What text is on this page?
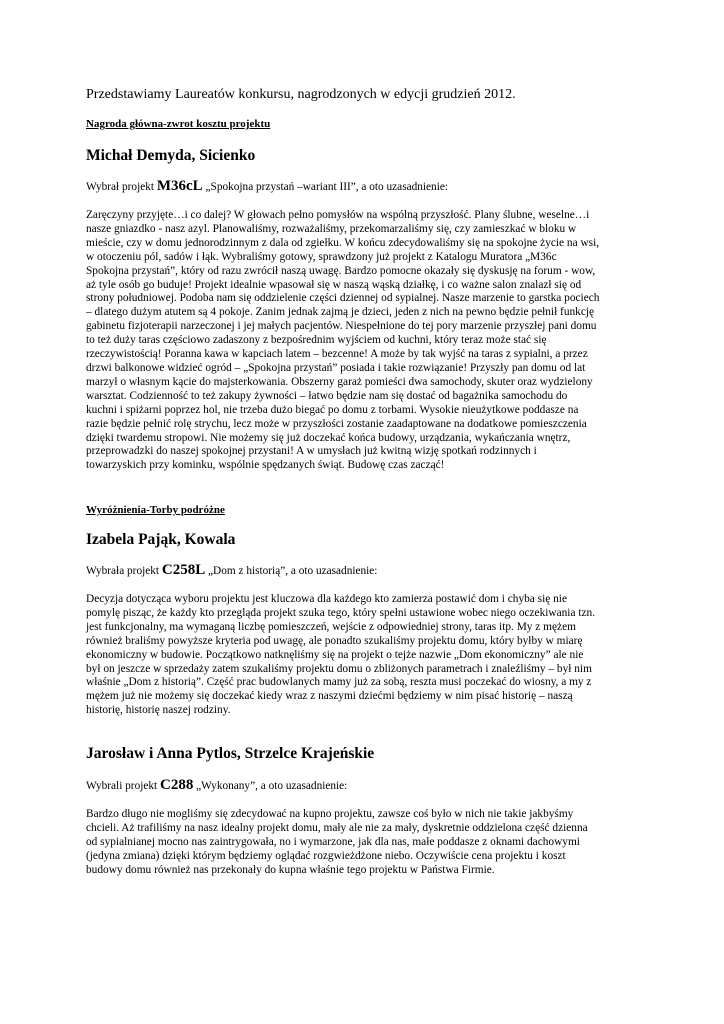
Przedstawiamy Laureatów konkursu, nagrodzonych w edycji grudzień 2012.
Nagroda główna-zwrot kosztu projektu
Michał Demyda, Sicienko
Wybrał projekt M36cL „Spokojna przystań –wariant III”, a oto uzasadnienie:
Zaręczyny przyjęte…i co dalej? W głowach pełno pomysłów na wspólną przyszłość. Plany ślubne, weselne…i
nasze gniazdko - nasz azyl. Planowaliśmy, rozważaliśmy, przekomarzaliśmy się, czy zamieszkać w bloku w
mieście, czy w domu jednorodzinnym z dala od zgiełku. W końcu zdecydowaliśmy się na spokojne życie na wsi,
w otoczeniu pól, sadów i łąk. Wybraliśmy gotowy, sprawdzony już projekt z Katalogu Muratora „M36c
Spokojna przystań”, który od razu zwrócił naszą uwagę. Bardzo pomocne okazały się dyskusję na forum - wow,
aż tyle osób go buduje! Projekt idealnie wpasował się w naszą wąską działkę, i co ważne salon znalazł się od
strony południowej. Podoba nam się oddzielenie części dziennej od sypialnej. Nasze marzenie to garstka pociech
– dlatego dużym atutem są 4 pokoje. Zanim jednak zajmą je dzieci, jeden z nich na pewno będzie pełnił funkcję
gabinetu fizjoterapii narzeczonej i jej małych pacjentów. Niespełnione do tej pory marzenie przyszłej pani domu
to też duży taras częściowo zadaszony z bezpośrednim wyjściem od kuchni, który teraz może stać się
rzeczywistością! Poranna kawa w kapciach latem – bezcenne! A może by tak wyjść na taras z sypialni, a przez
drzwi balkonowe widzieć ogród – „Spokojna przystań” posiada i takie rozwiązanie! Przyszły pan domu od lat
marzył o własnym kącie do majsterkowania. Obszerny garaż pomieści dwa samochody, skuter oraz wydzielony
warsztat. Codzienność to też zakupy żywności – łatwo będzie nam się dostać od bagażnika samochodu do
kuchni i spiżarni poprzez hol, nie trzeba dużo biegać po domu z torbami. Wysokie nieużytkowe poddasze na
razie będzie pełnić rolę strychu, lecz może w przyszłości zostanie zaadaptowane na dodatkowe pomieszczenia
dzięki twardemu stropowi. Nie możemy się już doczekać końca budowy, urządzania, wykańczania wnętrz,
przeprowadzki do naszej spokojnej przystani! A w umysłach już kwitną wizję spotkań rodzinnych i
towarzyskich przy kominku, wspólnie spędzanych świąt. Budowę czas zacząć!
Wyróżnienia-Torby podróżne
Izabela Pająk, Kowala
Wybrała projekt C258L „Dom z historią”, a oto uzasadnienie:
Decyzja dotycząca wyboru projektu jest kluczowa dla każdego kto zamierza postawić dom i chyba się nie
pomylę pisząc, że każdy kto przegląda projekt szuka tego, który spełni ustawione wobec niego oczekiwania tzn.
jest funkcjonalny, ma wymaganą liczbę pomieszczeń, wejście z odpowiedniej strony, taras itp. My z mężem
również braliśmy powyższe kryteria pod uwagę, ale ponadto szukaliśmy projektu domu, który byłby w miarę
ekonomiczny w budowie. Początkowo natknęliśmy się na projekt o tejże nazwie „Dom ekonomiczny” ale nie
był on jeszcze w sprzedaży zatem szukaliśmy projektu domu o zbliżonych parametrach i znaleźliśmy – był nim
właśnie „Dom z historią”. Część prac budowlanych mamy już za sobą, reszta musi poczekać do wiosny, a my z
mężem już nie możemy się doczekać kiedy wraz z naszymi dziećmi będziemy w nim pisać historię – naszą
historię, historię naszej rodziny.
Jarosław i Anna Pytlos, Strzelce Krajeńskie
Wybrali projekt C288 „Wykonany”, a oto uzasadnienie:
Bardzo długo nie mogliśmy się zdecydować na kupno projektu, zawsze coś było w nich nie takie jakbyśmy
chcieli. Aż trafiliśmy na nasz idealny projekt domu, mały ale nie za mały, dyskretnie oddzielona część dzienna
od sypialnianej mocno nas zaintrygowała, no i wymarzone, jak dla nas, małe poddasze z oknami dachowymi
(jedyna zmiana) dzięki którym będziemy oglądać rozgwieżdżone niebo. Oczywiście cena projektu i koszt
budowy domu również nas przekonały do kupna właśnie tego projektu w Państwa Firmie.
